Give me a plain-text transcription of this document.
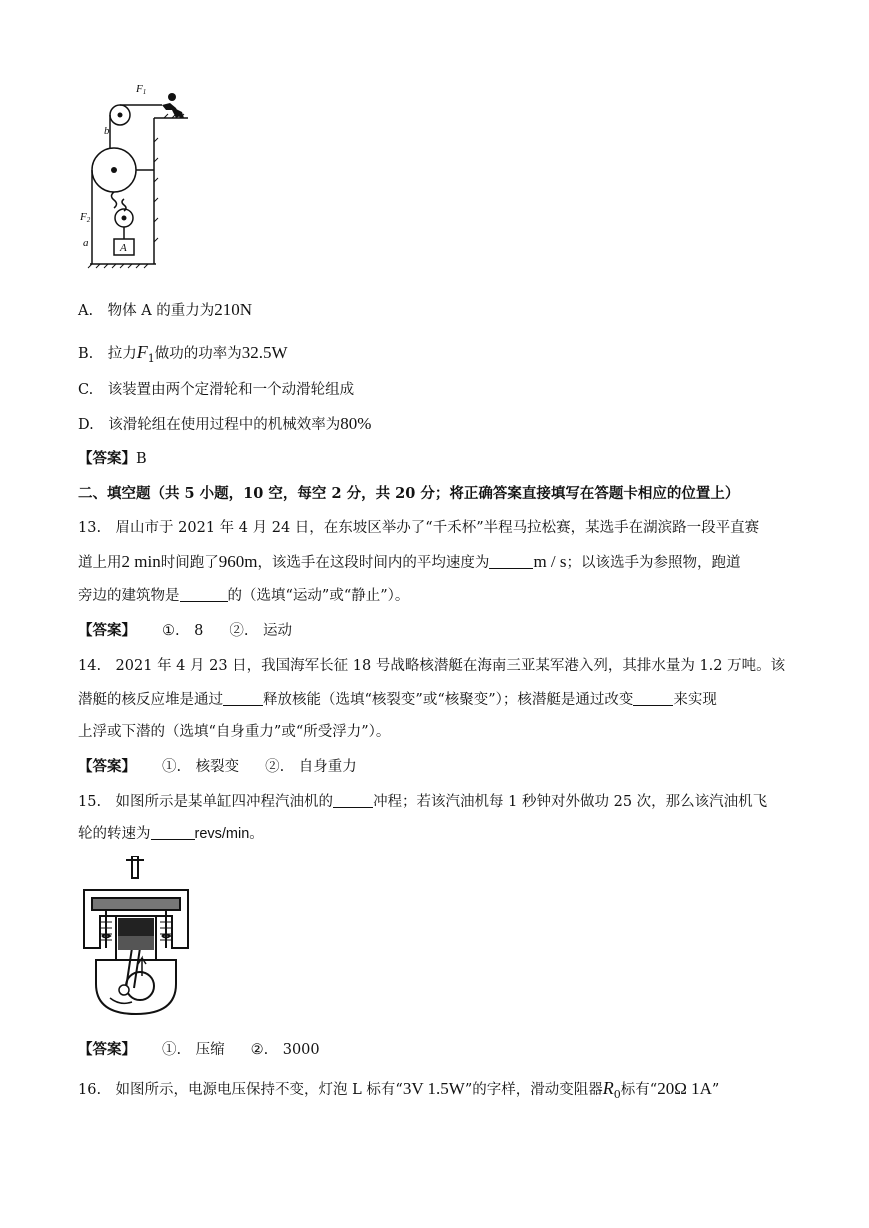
F1
b
F2
a	A
A.　 物体 A 的重力为210N
B.　 拉力$F_1$做功的功率为32.5W
C.　 该装置由两个定滑轮和一个动滑轮组成
D.　 该滑轮组在使用过程中的机械效率为80%
【答案】B
二、填空题（共 5 小题，10 空，每空 2 分，共 20 分；将正确答案直接填写在答题卡相应的位置上）
13.　眉山市于 2021 年 4 月 24 日，在东坡区举办了“千禾杯”半程马拉松赛，某选手在湖滨路一段平直赛
道上用2 min时间跑了960m，该选手在这段时间内的平均速度为	m / s；以该选手为参照物，跑道
旁边的建筑物是	的（选填“运动”或“静止”）。
【答案】 ①.　8 ②.　运动
14.　2021 年 4 月 23 日，我国海军长征 18 号战略核潜艇在海南三亚某军港入列，其排水量为 1.2 万吨。该
潜艇的核反应堆是通过	释放核能（选填“核裂变”或“核聚变”）；核潜艇是通过改变	来实现
上浮或下潜的（选填“自身重力”或“所受浮力”）。
【答案】 ①.　核裂变 ②.　自身重力
15.　如图所示是某单缸四冲程汽油机的	冲程；若该汽油机每 1 秒钟对外做功 25 次，那么该汽油机飞
轮的转速为	revs/min。
【答案】 ①.　压缩 ②.　3000
16.　如图所示，电源电压保持不变，灯泡 L 标有“3V 1.5W”的字样，滑动变阻器$R_0$标有“20Ω 1A”
